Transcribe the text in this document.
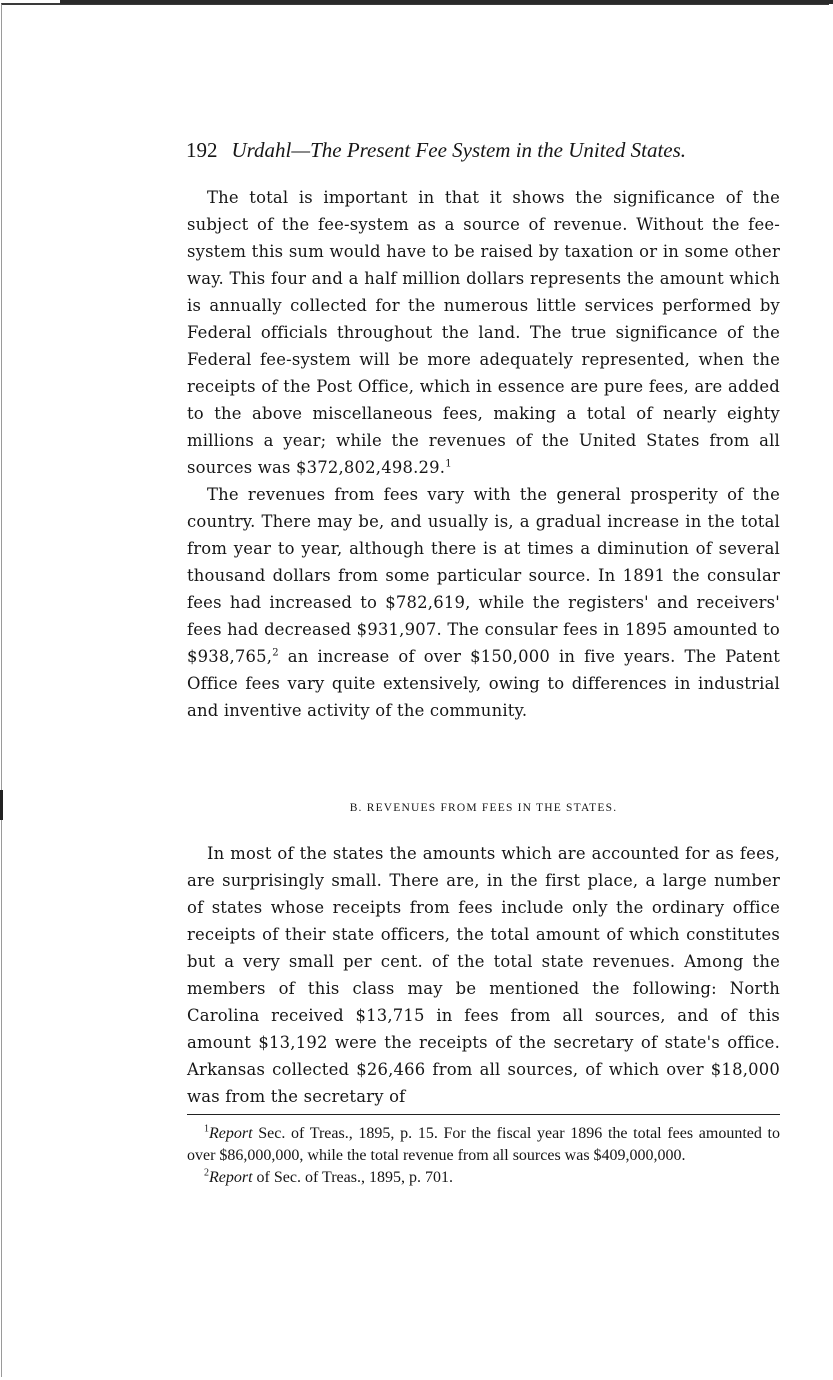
192 Urdahl—The Present Fee System in the United States.

The total is important in that it shows the significance of the subject of the fee-system as a source of revenue. Without the fee-system this sum would have to be raised by taxation or in some other way. This four and a half million dollars represents the amount which is annually collected for the numerous little services performed by Federal officials throughout the land. The true significance of the Federal fee-system will be more adequately represented, when the receipts of the Post Office, which in essence are pure fees, are added to the above miscellaneous fees, making a total of nearly eighty millions a year; while the revenues of the United States from all sources was $372,802,498.29.$^1$

The revenues from fees vary with the general prosperity of the country. There may be, and usually is, a gradual increase in the total from year to year, although there is at times a diminution of several thousand dollars from some particular source. In 1891 the consular fees had increased to $782,619, while the registers' and receivers' fees had decreased $931,907. The consular fees in 1895 amounted to $938,765,$^2$ an increase of over $150,000 in five years. The Patent Office fees vary quite extensively, owing to differences in industrial and inventive activity of the community.

B. REVENUES FROM FEES IN THE STATES.

In most of the states the amounts which are accounted for as fees, are surprisingly small. There are, in the first place, a large number of states whose receipts from fees include only the ordinary office receipts of their state officers, the total amount of which constitutes but a very small per cent. of the total state revenues. Among the members of this class may be mentioned the following: North Carolina received $13,715 in fees from all sources, and of this amount $13,192 were the receipts of the secretary of state's office. Arkansas collected $26,466 from all sources, of which over $18,000 was from the secretary of

$^1$Report Sec. of Treas., 1895, p. 15. For the fiscal year 1896 the total fees amounted to over $86,000,000, while the total revenue from all sources was $409,000,000.

$^2$Report of Sec. of Treas., 1895, p. 701.
